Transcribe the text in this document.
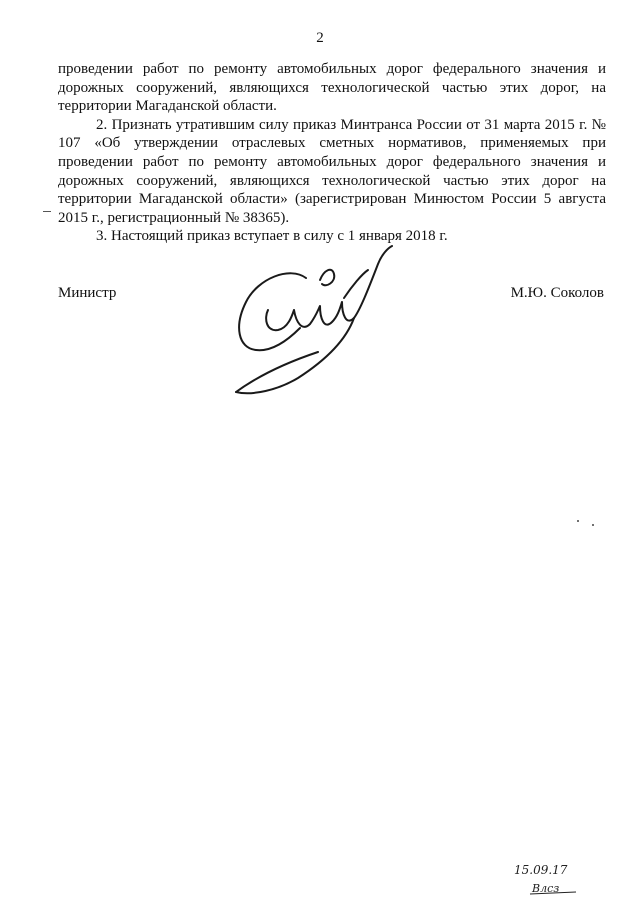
2

проведении работ по ремонту автомобильных дорог федерального значения и дорожных сооружений, являющихся технологической частью этих дорог, на территории Магаданской области.

2. Признать утратившим силу приказ Минтранса России от 31 марта 2015 г. № 107 «Об утверждении отраслевых сметных нормативов, применяемых при проведении работ по ремонту автомобильных дорог федерального значения и дорожных сооружений, являющихся технологической частью этих дорог на территории Магаданской области» (зарегистрирован Минюстом России 5 августа 2015 г., регистрационный № 38365).

3. Настоящий приказ вступает в силу с 1 января 2018 г.

Министр	М.Ю. Соколов
15.09.17
Влсз
